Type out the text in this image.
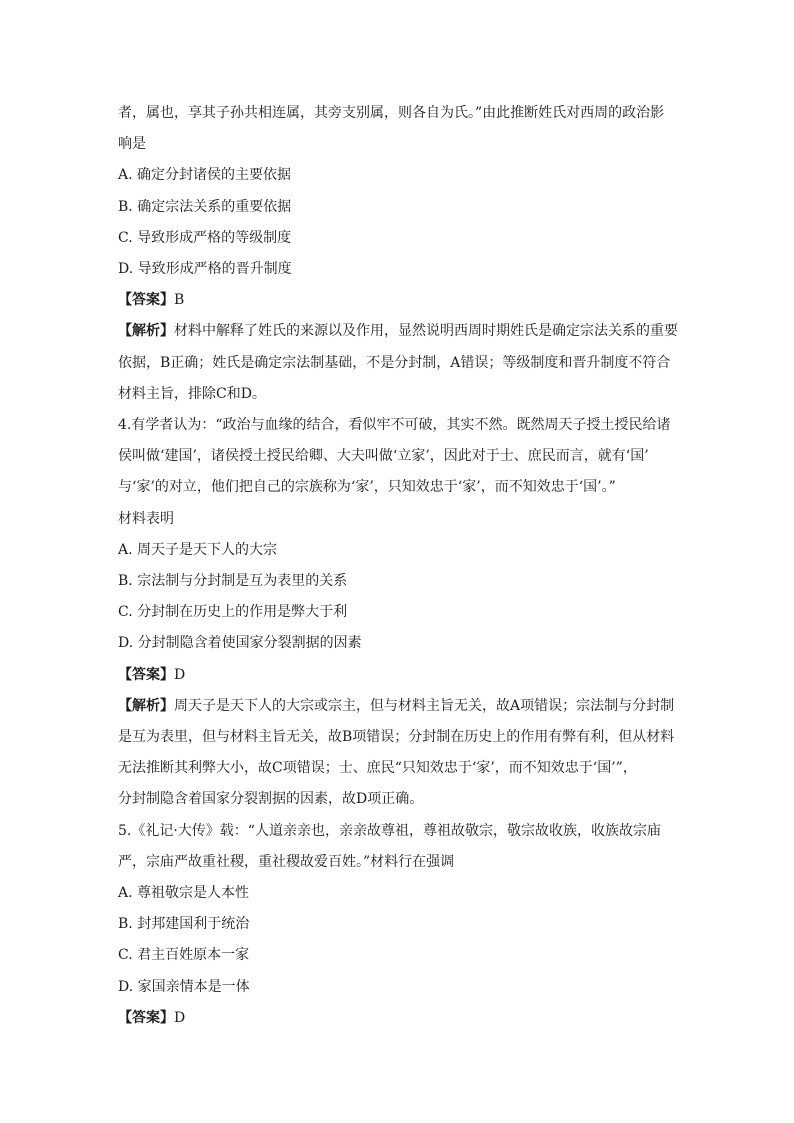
者，属也，享其子孙共相连属，其旁支别属，则各自为氏。”由此推断姓氏对西周的政治影

响是

A. 确定分封诸侯的主要依据

B. 确定宗法关系的重要依据

C. 导致形成严格的等级制度

D. 导致形成严格的晋升制度

【答案】B

【解析】材料中解释了姓氏的来源以及作用，显然说明西周时期姓氏是确定宗法关系的重要

依据，B正确；姓氏是确定宗法制基础，不是分封制，A错误；等级制度和晋升制度不符合

材料主旨，排除C和D。

4.有学者认为：“政治与血缘的结合，看似牢不可破，其实不然。既然周天子授土授民给诸

侯叫做‘建国’，诸侯授土授民给卿、大夫叫做‘立家’，因此对于士、庶民而言，就有‘国’

与‘家’的对立，他们把自己的宗族称为‘家’，只知效忠于‘家’，而不知效忠于‘国’。”

材料表明

A. 周天子是天下人的大宗

B. 宗法制与分封制是互为表里的关系

C. 分封制在历史上的作用是弊大于利

D. 分封制隐含着使国家分裂割据的因素

【答案】D

【解析】周天子是天下人的大宗或宗主，但与材料主旨无关，故A项错误；宗法制与分封制

是互为表里，但与材料主旨无关，故B项错误；分封制在历史上的作用有弊有利，但从材料

无法推断其利弊大小，故C项错误；士、庶民“只知效忠于‘家’，而不知效忠于‘国’”，

分封制隐含着国家分裂割据的因素，故D项正确。

5.《礼记·大传》载：“人道亲亲也，亲亲故尊祖，尊祖故敬宗，敬宗故收族，收族故宗庙

严，宗庙严故重社稷，重社稷故爱百姓。”材料行在强调

A. 尊祖敬宗是人本性

B. 封邦建国利于统治

C. 君主百姓原本一家

D. 家国亲情本是一体

【答案】D
